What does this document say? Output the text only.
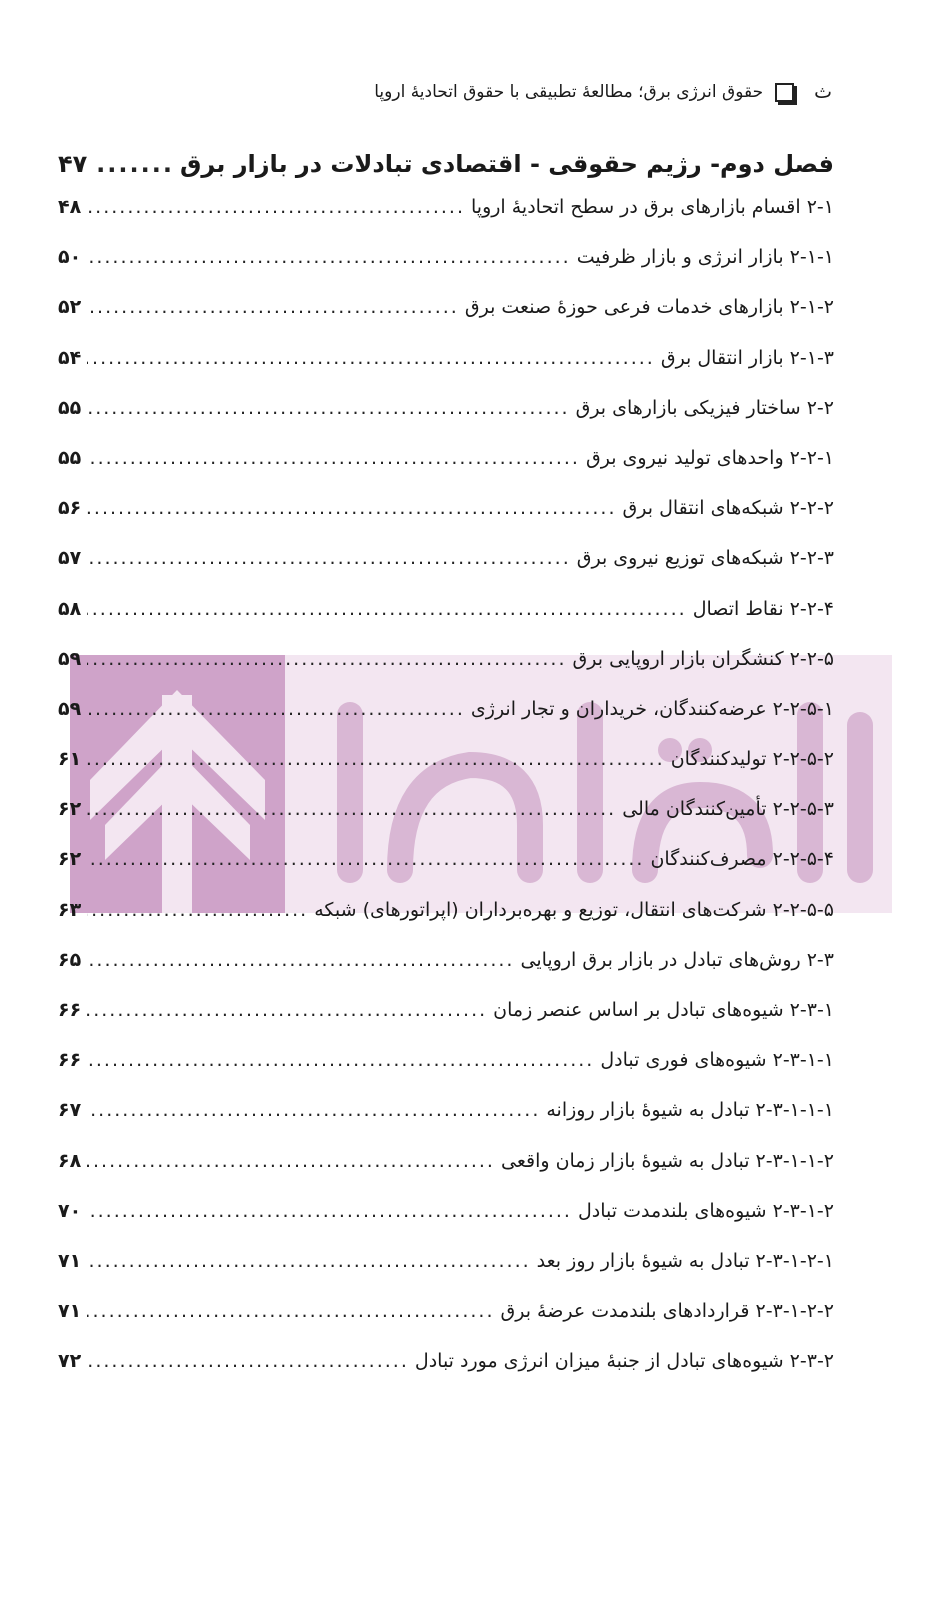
ث
حقوق انرژی برق؛ مطالعهٔ تطبیقی با حقوق اتحادیهٔ اروپا
فصل دوم- رژیم حقوقی - اقتصادی تبادلات در بازار برق
.....
۴۷
۲-۱ اقسام بازارهای برق در سطح اتحادیهٔ اروپا
.....
۴۸
۲-۱-۱ بازار انرژی و بازار ظرفیت
.....
۵۰
۲-۱-۲ بازارهای خدمات فرعی حوزهٔ صنعت برق
.....
۵۲
۲-۱-۳ بازار انتقال برق
.....
۵۴
۲-۲ ساختار فیزیکی بازارهای برق
.....
۵۵
۲-۲-۱ واحدهای تولید نیروی برق
.....
۵۵
۲-۲-۲ شبکه‌های انتقال برق
.....
۵۶
۲-۲-۳ شبکه‌های توزیع نیروی برق
.....
۵۷
۲-۲-۴ نقاط اتصال
.....
۵۸
۲-۲-۵ کنشگران بازار اروپایی برق
.....
۵۹
۲-۲-۵-۱ عرضه‌کنندگان، خریداران و تجار انرژی
.....
۵۹
۲-۲-۵-۲ تولیدکنندگان
.....
۶۱
۲-۲-۵-۳ تأمین‌کنندگان مالی
.....
۶۲
۲-۲-۵-۴ مصرف‌کنندگان
.....
۶۲
۲-۲-۵-۵ شرکت‌های انتقال، توزیع و بهره‌برداران (اپراتورهای) شبکه
.....
۶۳
۲-۳ روش‌های تبادل در بازار برق اروپایی
.....
۶۵
۲-۳-۱ شیوه‌های تبادل بر اساس عنصر زمان
.....
۶۶
۲-۳-۱-۱ شیوه‌های فوری تبادل
.....
۶۶
۲-۳-۱-۱-۱ تبادل به شیوهٔ بازار روزانه
.....
۶۷
۲-۳-۱-۱-۲ تبادل به شیوهٔ بازار زمان واقعی
.....
۶۸
۲-۳-۱-۲ شیوه‌های بلندمدت تبادل
.....
۷۰
۲-۳-۱-۲-۱ تبادل به شیوهٔ بازار روز بعد
.....
۷۱
۲-۳-۱-۲-۲ قراردادهای بلندمدت عرضهٔ برق
.....
۷۱
۲-۳-۲ شیوه‌های تبادل از جنبهٔ میزان انرژی مورد تبادل
.....
۷۲
